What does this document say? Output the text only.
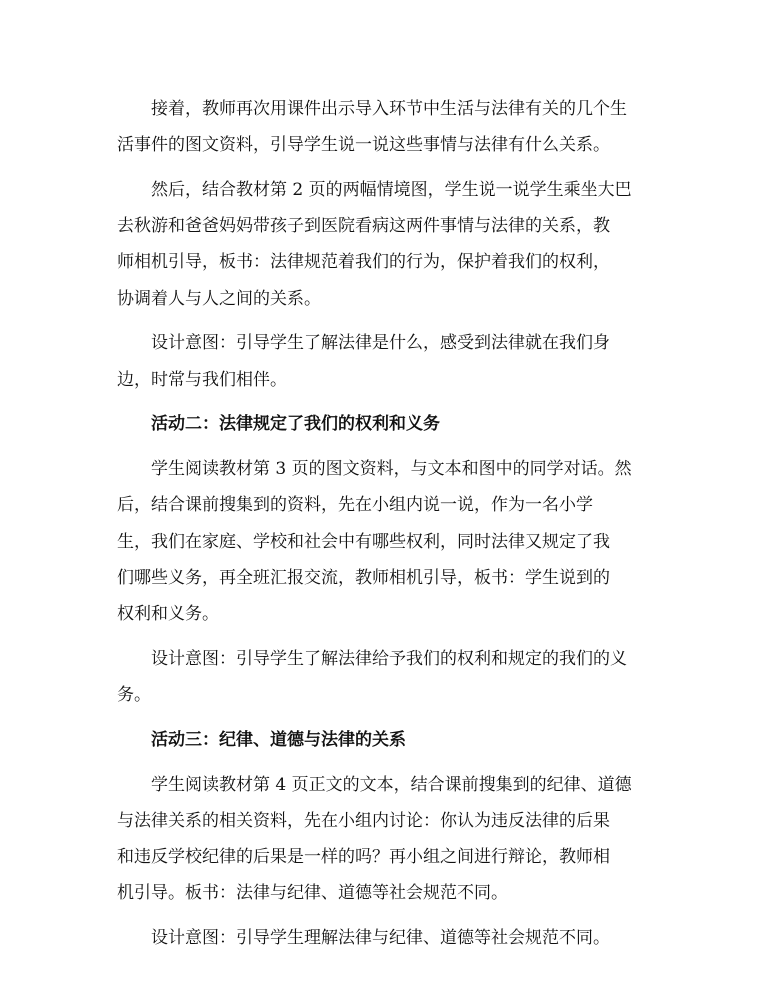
接着，教师再次用课件出示导入环节中生活与法律有关的几个生
活事件的图文资料，引导学生说一说这些事情与法律有什么关系。

然后，结合教材第 2 页的两幅情境图，学生说一说学生乘坐大巴
去秋游和爸爸妈妈带孩子到医院看病这两件事情与法律的关系，教
师相机引导，板书：法律规范着我们的行为，保护着我们的权利，
协调着人与人之间的关系。

设计意图：引导学生了解法律是什么，感受到法律就在我们身
边，时常与我们相伴。

活动二：法律规定了我们的权利和义务

学生阅读教材第 3 页的图文资料，与文本和图中的同学对话。然
后，结合课前搜集到的资料，先在小组内说一说，作为一名小学
生，我们在家庭、学校和社会中有哪些权利，同时法律又规定了我
们哪些义务，再全班汇报交流，教师相机引导，板书：学生说到的
权利和义务。

设计意图：引导学生了解法律给予我们的权利和规定的我们的义
务。

活动三：纪律、道德与法律的关系

学生阅读教材第 4 页正文的文本，结合课前搜集到的纪律、道德
与法律关系的相关资料，先在小组内讨论：你认为违反法律的后果
和违反学校纪律的后果是一样的吗？再小组之间进行辩论，教师相
机引导。板书：法律与纪律、道德等社会规范不同。

设计意图：引导学生理解法律与纪律、道德等社会规范不同。
